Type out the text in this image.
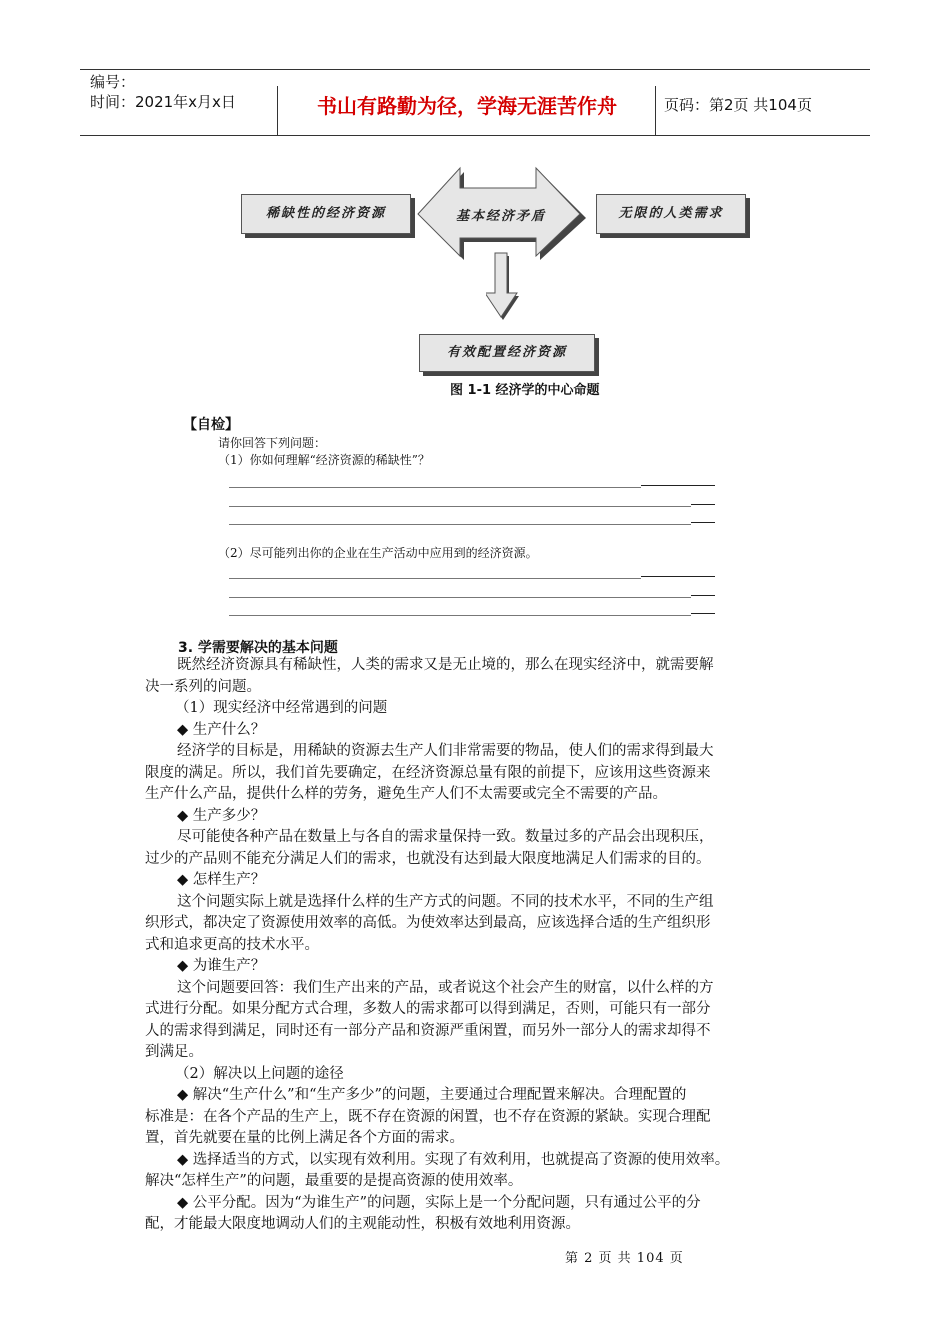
编号：
时间：2021年x月x日	书山有路勤为径，学海无涯苦作舟	页码：第2页 共104页
稀缺性的经济资源	基本经济矛盾	无限的人类需求
有效配置经济资源
图 1-1 经济学的中心命题
【自检】
请你回答下列问题：
（1）你如何理解“经济资源的稀缺性”？
（2）尽可能列出你的企业在生产活动中应用到的经济资源。
3. 学需要解决的基本问题
既然经济资源具有稀缺性，人类的需求又是无止境的，那么在现实经济中，就需要解
决一系列的问题。
（1）现实经济中经常遇到的问题
◆ 生产什么？
经济学的目标是，用稀缺的资源去生产人们非常需要的物品，使人们的需求得到最大
限度的满足。所以，我们首先要确定，在经济资源总量有限的前提下，应该用这些资源来
生产什么产品，提供什么样的劳务，避免生产人们不太需要或完全不需要的产品。
◆ 生产多少？
尽可能使各种产品在数量上与各自的需求量保持一致。数量过多的产品会出现积压，
过少的产品则不能充分满足人们的需求，也就没有达到最大限度地满足人们需求的目的。
◆ 怎样生产？
这个问题实际上就是选择什么样的生产方式的问题。不同的技术水平，不同的生产组
织形式，都决定了资源使用效率的高低。为使效率达到最高，应该选择合适的生产组织形
式和追求更高的技术水平。
◆ 为谁生产？
这个问题要回答：我们生产出来的产品，或者说这个社会产生的财富，以什么样的方
式进行分配。如果分配方式合理，多数人的需求都可以得到满足，否则，可能只有一部分
人的需求得到满足，同时还有一部分产品和资源严重闲置，而另外一部分人的需求却得不
到满足。
（2）解决以上问题的途径
◆ 解决“生产什么”和“生产多少”的问题，主要通过合理配置来解决。合理配置的
标准是：在各个产品的生产上，既不存在资源的闲置，也不存在资源的紧缺。实现合理配
置，首先就要在量的比例上满足各个方面的需求。
◆ 选择适当的方式，以实现有效利用。实现了有效利用，也就提高了资源的使用效率。
解决“怎样生产”的问题，最重要的是提高资源的使用效率。
◆ 公平分配。因为“为谁生产”的问题，实际上是一个分配问题，只有通过公平的分
配，才能最大限度地调动人们的主观能动性，积极有效地利用资源。
第 2 页 共 104 页
